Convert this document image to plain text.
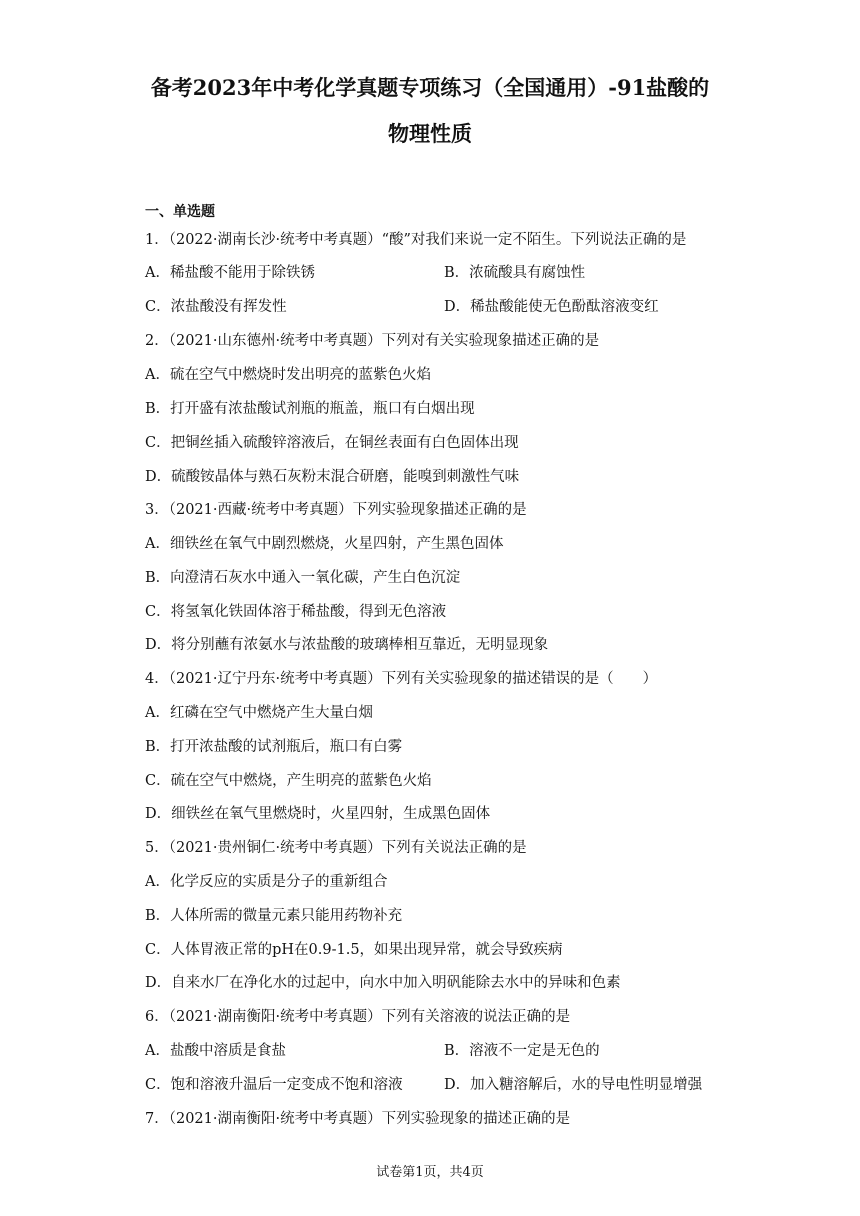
备考2023年中考化学真题专项练习（全国通用）-91盐酸的
物理性质
一、单选题
1．（2022·湖南长沙·统考中考真题）“酸”对我们来说一定不陌生。下列说法正确的是
A．稀盐酸不能用于除铁锈	B．浓硫酸具有腐蚀性
C．浓盐酸没有挥发性	D．稀盐酸能使无色酚酞溶液变红
2．（2021·山东德州·统考中考真题）下列对有关实验现象描述正确的是
A．硫在空气中燃烧时发出明亮的蓝紫色火焰
B．打开盛有浓盐酸试剂瓶的瓶盖，瓶口有白烟出现
C．把铜丝插入硫酸锌溶液后，在铜丝表面有白色固体出现
D．硫酸铵晶体与熟石灰粉末混合研磨，能嗅到刺激性气味
3．（2021·西藏·统考中考真题）下列实验现象描述正确的是
A．细铁丝在氧气中剧烈燃烧，火星四射，产生黑色固体
B．向澄清石灰水中通入一氧化碳，产生白色沉淀
C．将氢氧化铁固体溶于稀盐酸，得到无色溶液
D．将分别蘸有浓氨水与浓盐酸的玻璃棒相互靠近，无明显现象
4．（2021·辽宁丹东·统考中考真题）下列有关实验现象的描述错误的是（　　）
A．红磷在空气中燃烧产生大量白烟
B．打开浓盐酸的试剂瓶后，瓶口有白雾
C．硫在空气中燃烧，产生明亮的蓝紫色火焰
D．细铁丝在氧气里燃烧时，火星四射，生成黑色固体
5．（2021·贵州铜仁·统考中考真题）下列有关说法正确的是
A．化学反应的实质是分子的重新组合
B．人体所需的微量元素只能用药物补充
C．人体胃液正常的pH在0.9-1.5，如果出现异常，就会导致疾病
D．自来水厂在净化水的过起中，向水中加入明矾能除去水中的异味和色素
6．（2021·湖南衡阳·统考中考真题）下列有关溶液的说法正确的是
A．盐酸中溶质是食盐	B．溶液不一定是无色的
C．饱和溶液升温后一定变成不饱和溶液	D．加入糖溶解后，水的导电性明显增强
7．（2021·湖南衡阳·统考中考真题）下列实验现象的描述正确的是
试卷第1页，共4页
